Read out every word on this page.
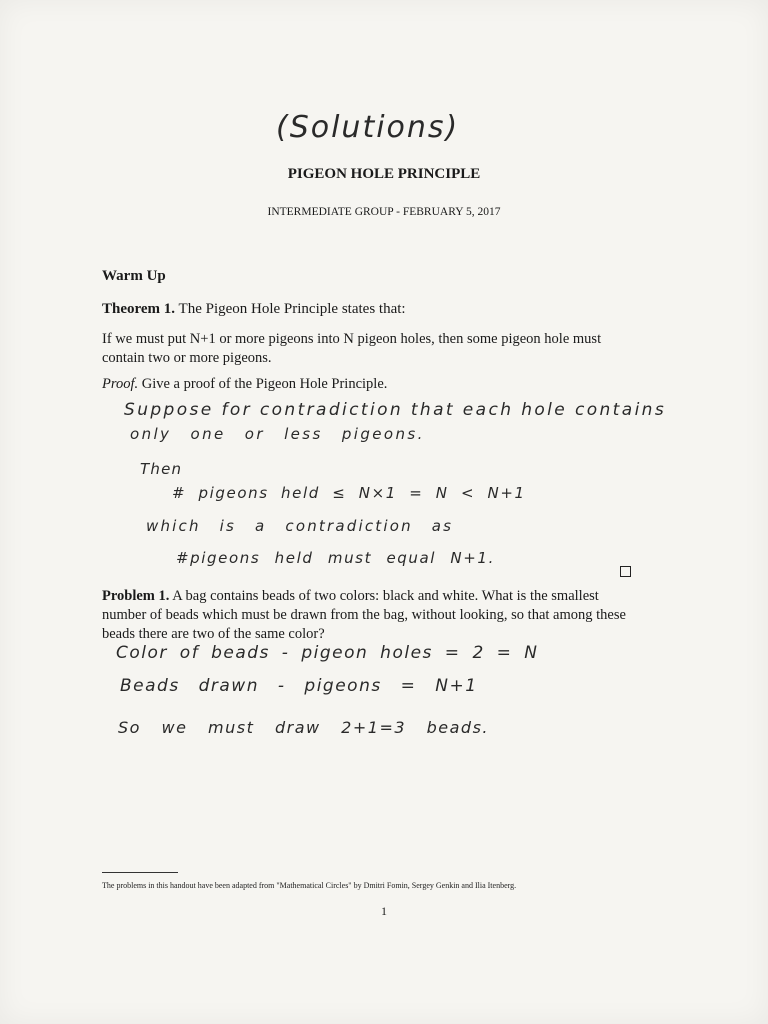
(Solutions)
PIGEON HOLE PRINCIPLE
INTERMEDIATE GROUP - FEBRUARY 5, 2017
Warm Up
Theorem 1. The Pigeon Hole Principle states that:
If we must put N+1 or more pigeons into N pigeon holes, then some pigeon hole must contain two or more pigeons.
Proof. Give a proof of the Pigeon Hole Principle.
Suppose for contradiction that each hole contains
only one or less pigeons.
Then
# pigeons held ≤ N×1 = N < N+1
which is a contradiction as
#pigeons held must equal N+1.
Problem 1. A bag contains beads of two colors: black and white. What is the smallest number of beads which must be drawn from the bag, without looking, so that among these beads there are two of the same color?
Color of beads - pigeon holes = 2 = N
Beads drawn - pigeons = N+1
So we must draw 2+1=3 beads.
The problems in this handout have been adapted from "Mathematical Circles" by Dmitri Fomin, Sergey Genkin and Ilia Itenberg.
1
